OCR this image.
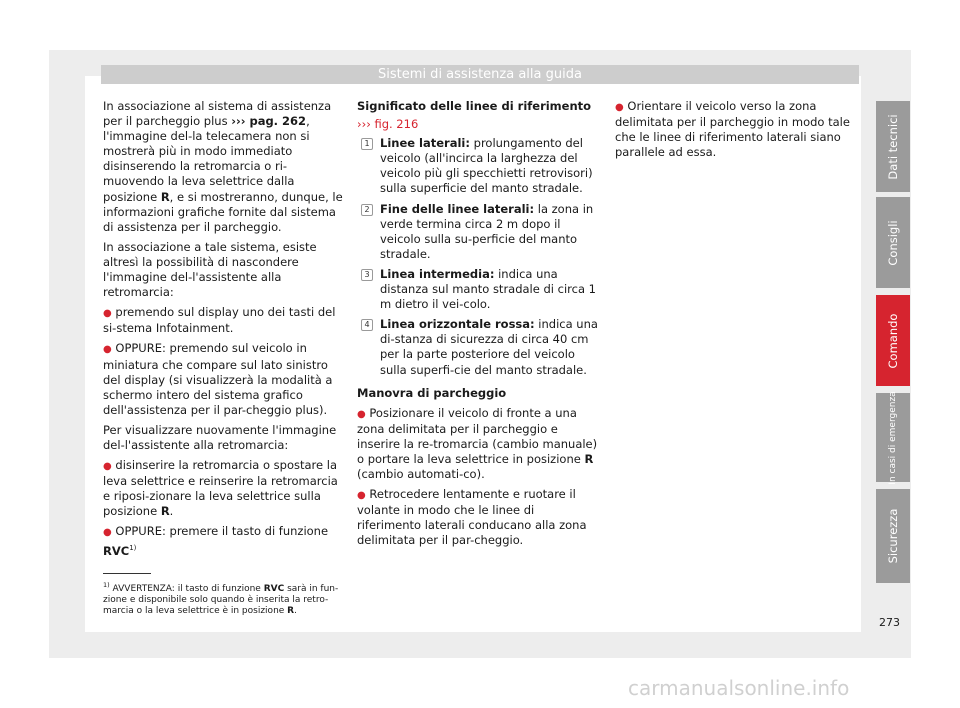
Sistemi di assistenza alla guida

In associazione al sistema di assistenza per il parcheggio plus ››› pag. 262, l'immagine del-la telecamera non si mostrerà più in modo immediato disinserendo la retromarcia o ri-muovendo la leva selettrice dalla posizione R, e si mostreranno, dunque, le informazioni grafiche fornite dal sistema di assistenza per il parcheggio.

In associazione a tale sistema, esiste altresì la possibilità di nascondere l'immagine del-l'assistente alla retromarcia:

● premendo sul display uno dei tasti del si-stema Infotainment.

● OPPURE: premendo sul veicolo in miniatura che compare sul lato sinistro del display (si visualizzerà la modalità a schermo intero del sistema grafico dell'assistenza per il par-cheggio plus).

Per visualizzare nuovamente l'immagine del-l'assistente alla retromarcia:

● disinserire la retromarcia o spostare la leva selettrice e reinserire la retromarcia e riposi-zionare la leva selettrice sulla posizione R.

● OPPURE: premere il tasto di funzione RVC$^{1)}$

Significato delle linee di riferimento

››› fig. 216

1 Linee laterali: prolungamento del veicolo (all'incirca la larghezza del veicolo più gli specchietti retrovisori) sulla superficie del manto stradale.
2 Fine delle linee laterali: la zona in verde termina circa 2 m dopo il veicolo sulla su-perficie del manto stradale.
3 Linea intermedia: indica una distanza sul manto stradale di circa 1 m dietro il vei-colo.
4 Linea orizzontale rossa: indica una di-stanza di sicurezza di circa 40 cm per la parte posteriore del veicolo sulla superfi-cie del manto stradale.
Manovra di parcheggio

● Posizionare il veicolo di fronte a una zona delimitata per il parcheggio e inserire la re-tromarcia (cambio manuale) o portare la leva selettrice in posizione R (cambio automati-co).

● Retrocedere lentamente e ruotare il volante in modo che le linee di riferimento laterali conducano alla zona delimitata per il par-cheggio.

● Orientare il veicolo verso la zona delimitata per il parcheggio in modo tale che le linee di riferimento laterali siano parallele ad essa.

$^{1)}$ AVVERTENZA: il tasto di funzione RVC sarà in fun-zione e disponibile solo quando è inserita la retro-marcia o la leva selettrice è in posizione R.
Dati tecnici
Consigli
Comando
In casi di emergenza
Sicurezza
273
carmanualsonline.info
